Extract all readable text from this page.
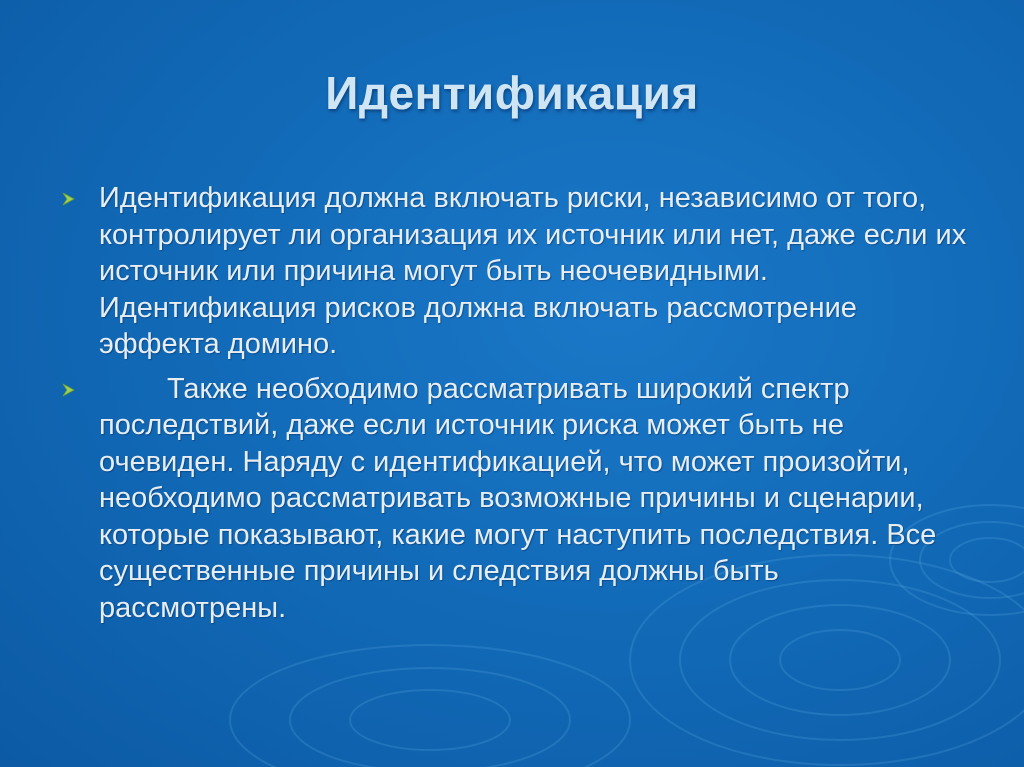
Идентификация
Идентификация должна включать риски, независимо от того, контролирует ли организация их источник или нет, даже если их источник или причина могут быть неочевидными. Идентификация рисков должна включать рассмотрение эффекта домино.
Также необходимо рассматривать широкий спектр последствий, даже если источник риска может быть не очевиден. Наряду с идентификацией, что может произойти, необходимо рассматривать возможные причины и сценарии, которые показывают, какие могут наступить последствия. Все существенные причины и следствия должны быть рассмотрены.
